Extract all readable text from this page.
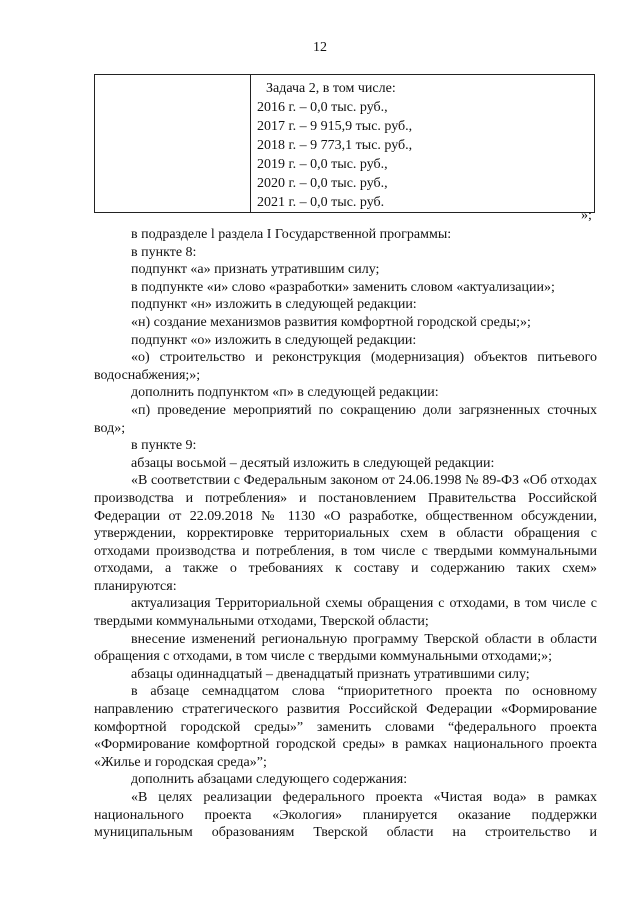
12

Задача 2, в том числе:
2016 г. – 0,0 тыс. руб.,
2017 г. – 9 915,9 тыс. руб.,
2018 г. – 9 773,1 тыс. руб.,
2019 г. – 0,0 тыс. руб.,
2020 г. – 0,0 тыс. руб.,
2021 г. – 0,0 тыс. руб.
»;

в подразделе l раздела I Государственной программы:

в пункте 8:

подпункт «а» признать утратившим силу;

в подпункте «и» слово «разработки» заменить словом «актуализации»;

подпункт «н» изложить в следующей редакции:

«н) создание механизмов развития комфортной городской среды;»;

подпункт «о» изложить в следующей редакции:

«о) строительство и реконструкция (модернизация) объектов питьевого водоснабжения;»;

дополнить подпунктом «п» в следующей редакции:

«п) проведение мероприятий по сокращению доли загрязненных сточных вод»;

в пункте 9:

абзацы восьмой – десятый изложить в следующей редакции:

«В соответствии с Федеральным законом от 24.06.1998 № 89-ФЗ «Об отходах производства и потребления» и постановлением Правительства Российской Федерации от 22.09.2018 № 1130 «О разработке, общественном обсуждении, утверждении, корректировке территориальных схем в области обращения с отходами производства и потребления, в том числе с твердыми коммунальными отходами, а также о требованиях к составу и содержанию таких схем» планируются:

актуализация Территориальной схемы обращения с отходами, в том числе с твердыми коммунальными отходами, Тверской области;

внесение изменений региональную программу Тверской области в области обращения с отходами, в том числе с твердыми коммунальными отходами;»;

абзацы одиннадцатый – двенадцатый признать утратившими силу;

в абзаце семнадцатом слова “приоритетного проекта по основному направлению стратегического развития Российской Федерации «Формирование комфортной городской среды»” заменить словами “федерального проекта «Формирование комфортной городской среды» в рамках национального проекта «Жилье и городская среда»”;

дополнить абзацами следующего содержания:

«В целях реализации федерального проекта «Чистая вода» в рамках национального проекта «Экология» планируется оказание поддержки муниципальным образованиям Тверской области на строительство и
